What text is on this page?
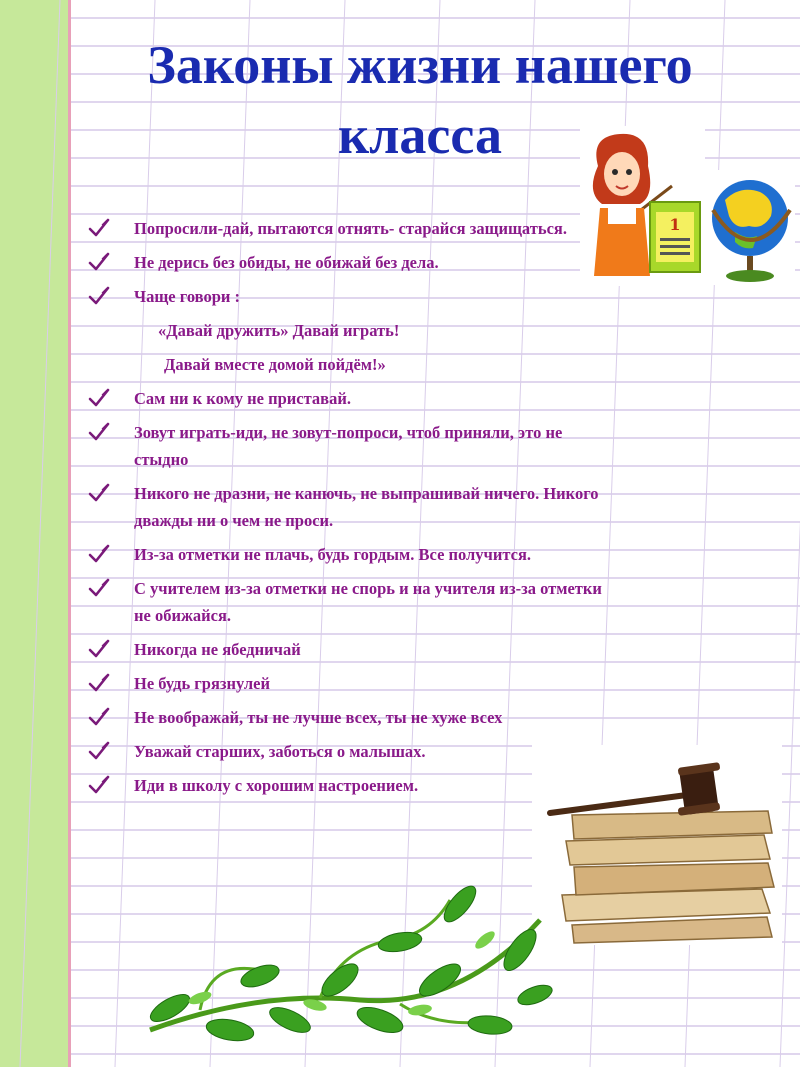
Законы жизни нашего класса
Попросили-дай, пытаются отнять- старайся защищаться.
Не дерись без обиды, не обижай без дела.
Чаще говори :
«Давай дружить» Давай играть!
Давай вместе домой пойдём!»
Сам ни к кому не приставай.
Зовут играть-иди, не зовут-попроси, чтоб приняли, это не стыдно
Никого не дразни, не канючь, не выпрашивай ничего. Никого дважды ни о чем не проси.
Из-за отметки не плачь, будь гордым. Все получится.
С учителем из-за отметки не спорь и на учителя из-за отметки не обижайся.
Никогда не ябедничай
Не будь грязнулей
Не воображай, ты не лучше всех, ты не хуже всех
Уважай старших, заботься о малышах.
Иди в школу с хорошим настроением.
1
